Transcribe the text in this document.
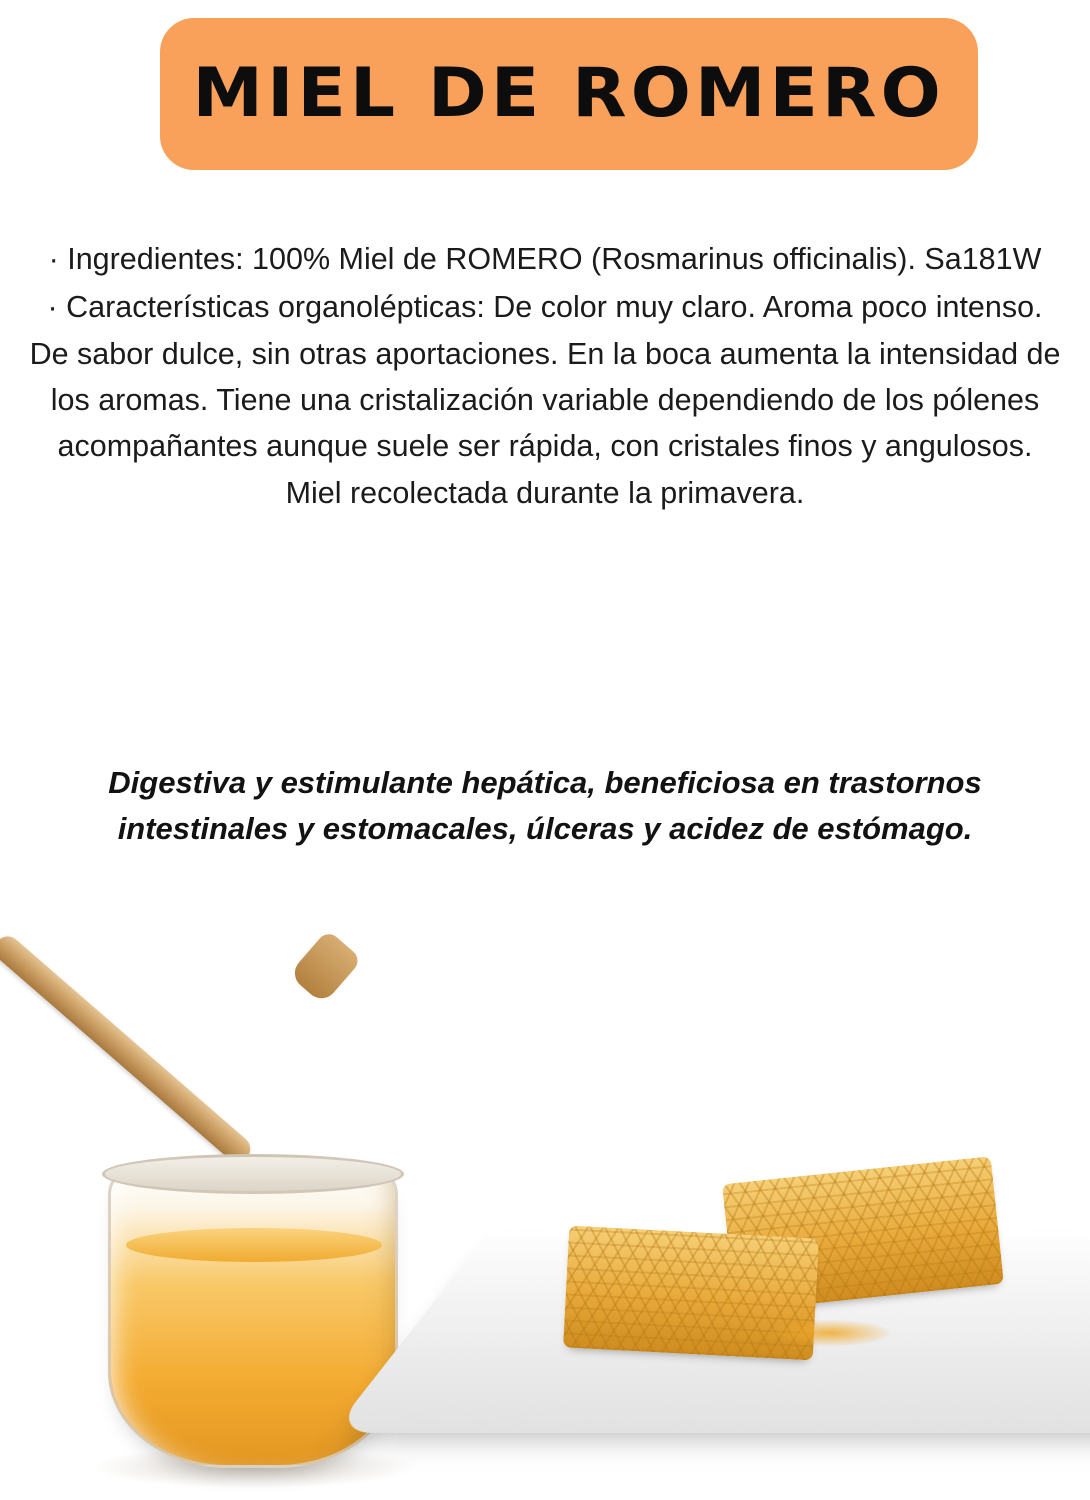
MIEL DE ROMERO

· Ingredientes: 100% Miel de ROMERO (Rosmarinus officinalis). Sa181W

· Características organolépticas: De color muy claro. Aroma poco intenso. De sabor dulce, sin otras aportaciones. En la boca aumenta la intensidad de los aromas. Tiene una cristalización variable dependiendo de los pólenes acompañantes aunque suele ser rápida, con cristales finos y angulosos. Miel recolectada durante la primavera.

Digestiva y estimulante hepática, beneficiosa en trastornos intestinales y estomacales, úlceras y acidez de estómago.
